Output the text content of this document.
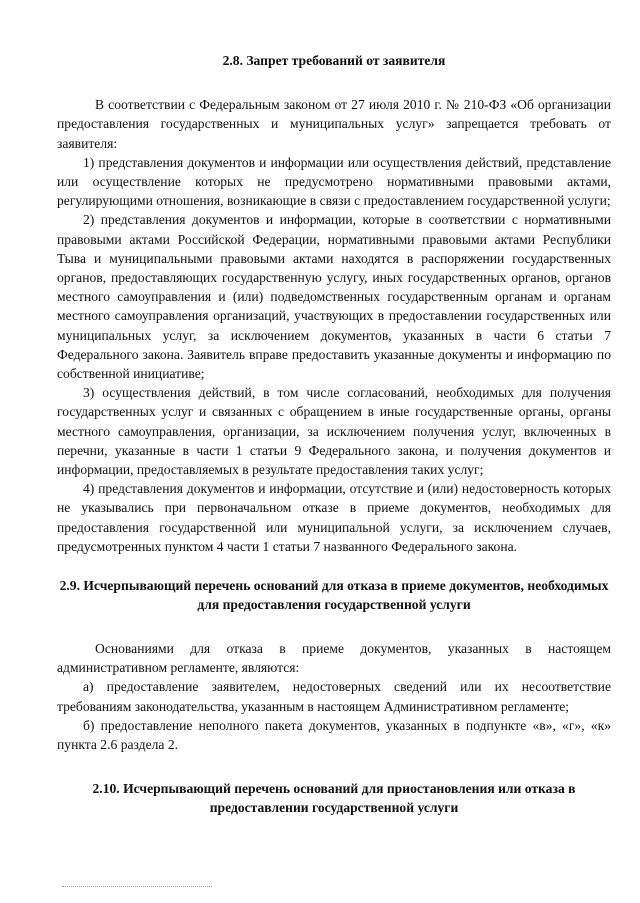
2.8. Запрет требований от заявителя

В соответствии с Федеральным законом от 27 июля 2010 г. № 210-ФЗ «Об организации предоставления государственных и муниципальных услуг» запрещается требовать от заявителя:

1) представления документов и информации или осуществления действий, представление или осуществление которых не предусмотрено нормативными правовыми актами, регулирующими отношения, возникающие в связи с предоставлением государственной услуги;

2) представления документов и информации, которые в соответствии с нормативными правовыми актами Российской Федерации, нормативными правовыми актами Республики Тыва и муниципальными правовыми актами находятся в распоряжении государственных органов, предоставляющих государственную услугу, иных государственных органов, органов местного самоуправления и (или) подведомственных государственным органам и органам местного самоуправления организаций, участвующих в предоставлении государственных или муниципальных услуг, за исключением документов, указанных в части 6 статьи 7 Федерального закона. Заявитель вправе предоставить указанные документы и информацию по собственной инициативе;

3) осуществления действий, в том числе согласований, необходимых для получения государственных услуг и связанных с обращением в иные государственные органы, органы местного самоуправления, организации, за исключением получения услуг, включенных в перечни, указанные в части 1 статьи 9 Федерального закона, и получения документов и информации, предоставляемых в результате предоставления таких услуг;

4) представления документов и информации, отсутствие и (или) недостоверность которых не указывались при первоначальном отказе в приеме документов, необходимых для предоставления государственной или муниципальной услуги, за исключением случаев, предусмотренных пунктом 4 части 1 статьи 7 названного Федерального закона.

2.9. Исчерпывающий перечень оснований для отказа в приеме документов, необходимых для предоставления государственной услуги

Основаниями для отказа в приеме документов, указанных в настоящем административном регламенте, являются:

а) предоставление заявителем, недостоверных сведений или их несоответствие требованиям законодательства, указанным в настоящем Административном регламенте;

б) предоставление неполного пакета документов, указанных в подпункте «в», «г», «к» пункта 2.6 раздела 2.

2.10. Исчерпывающий перечень оснований для приостановления или отказа в предоставлении государственной услуги
